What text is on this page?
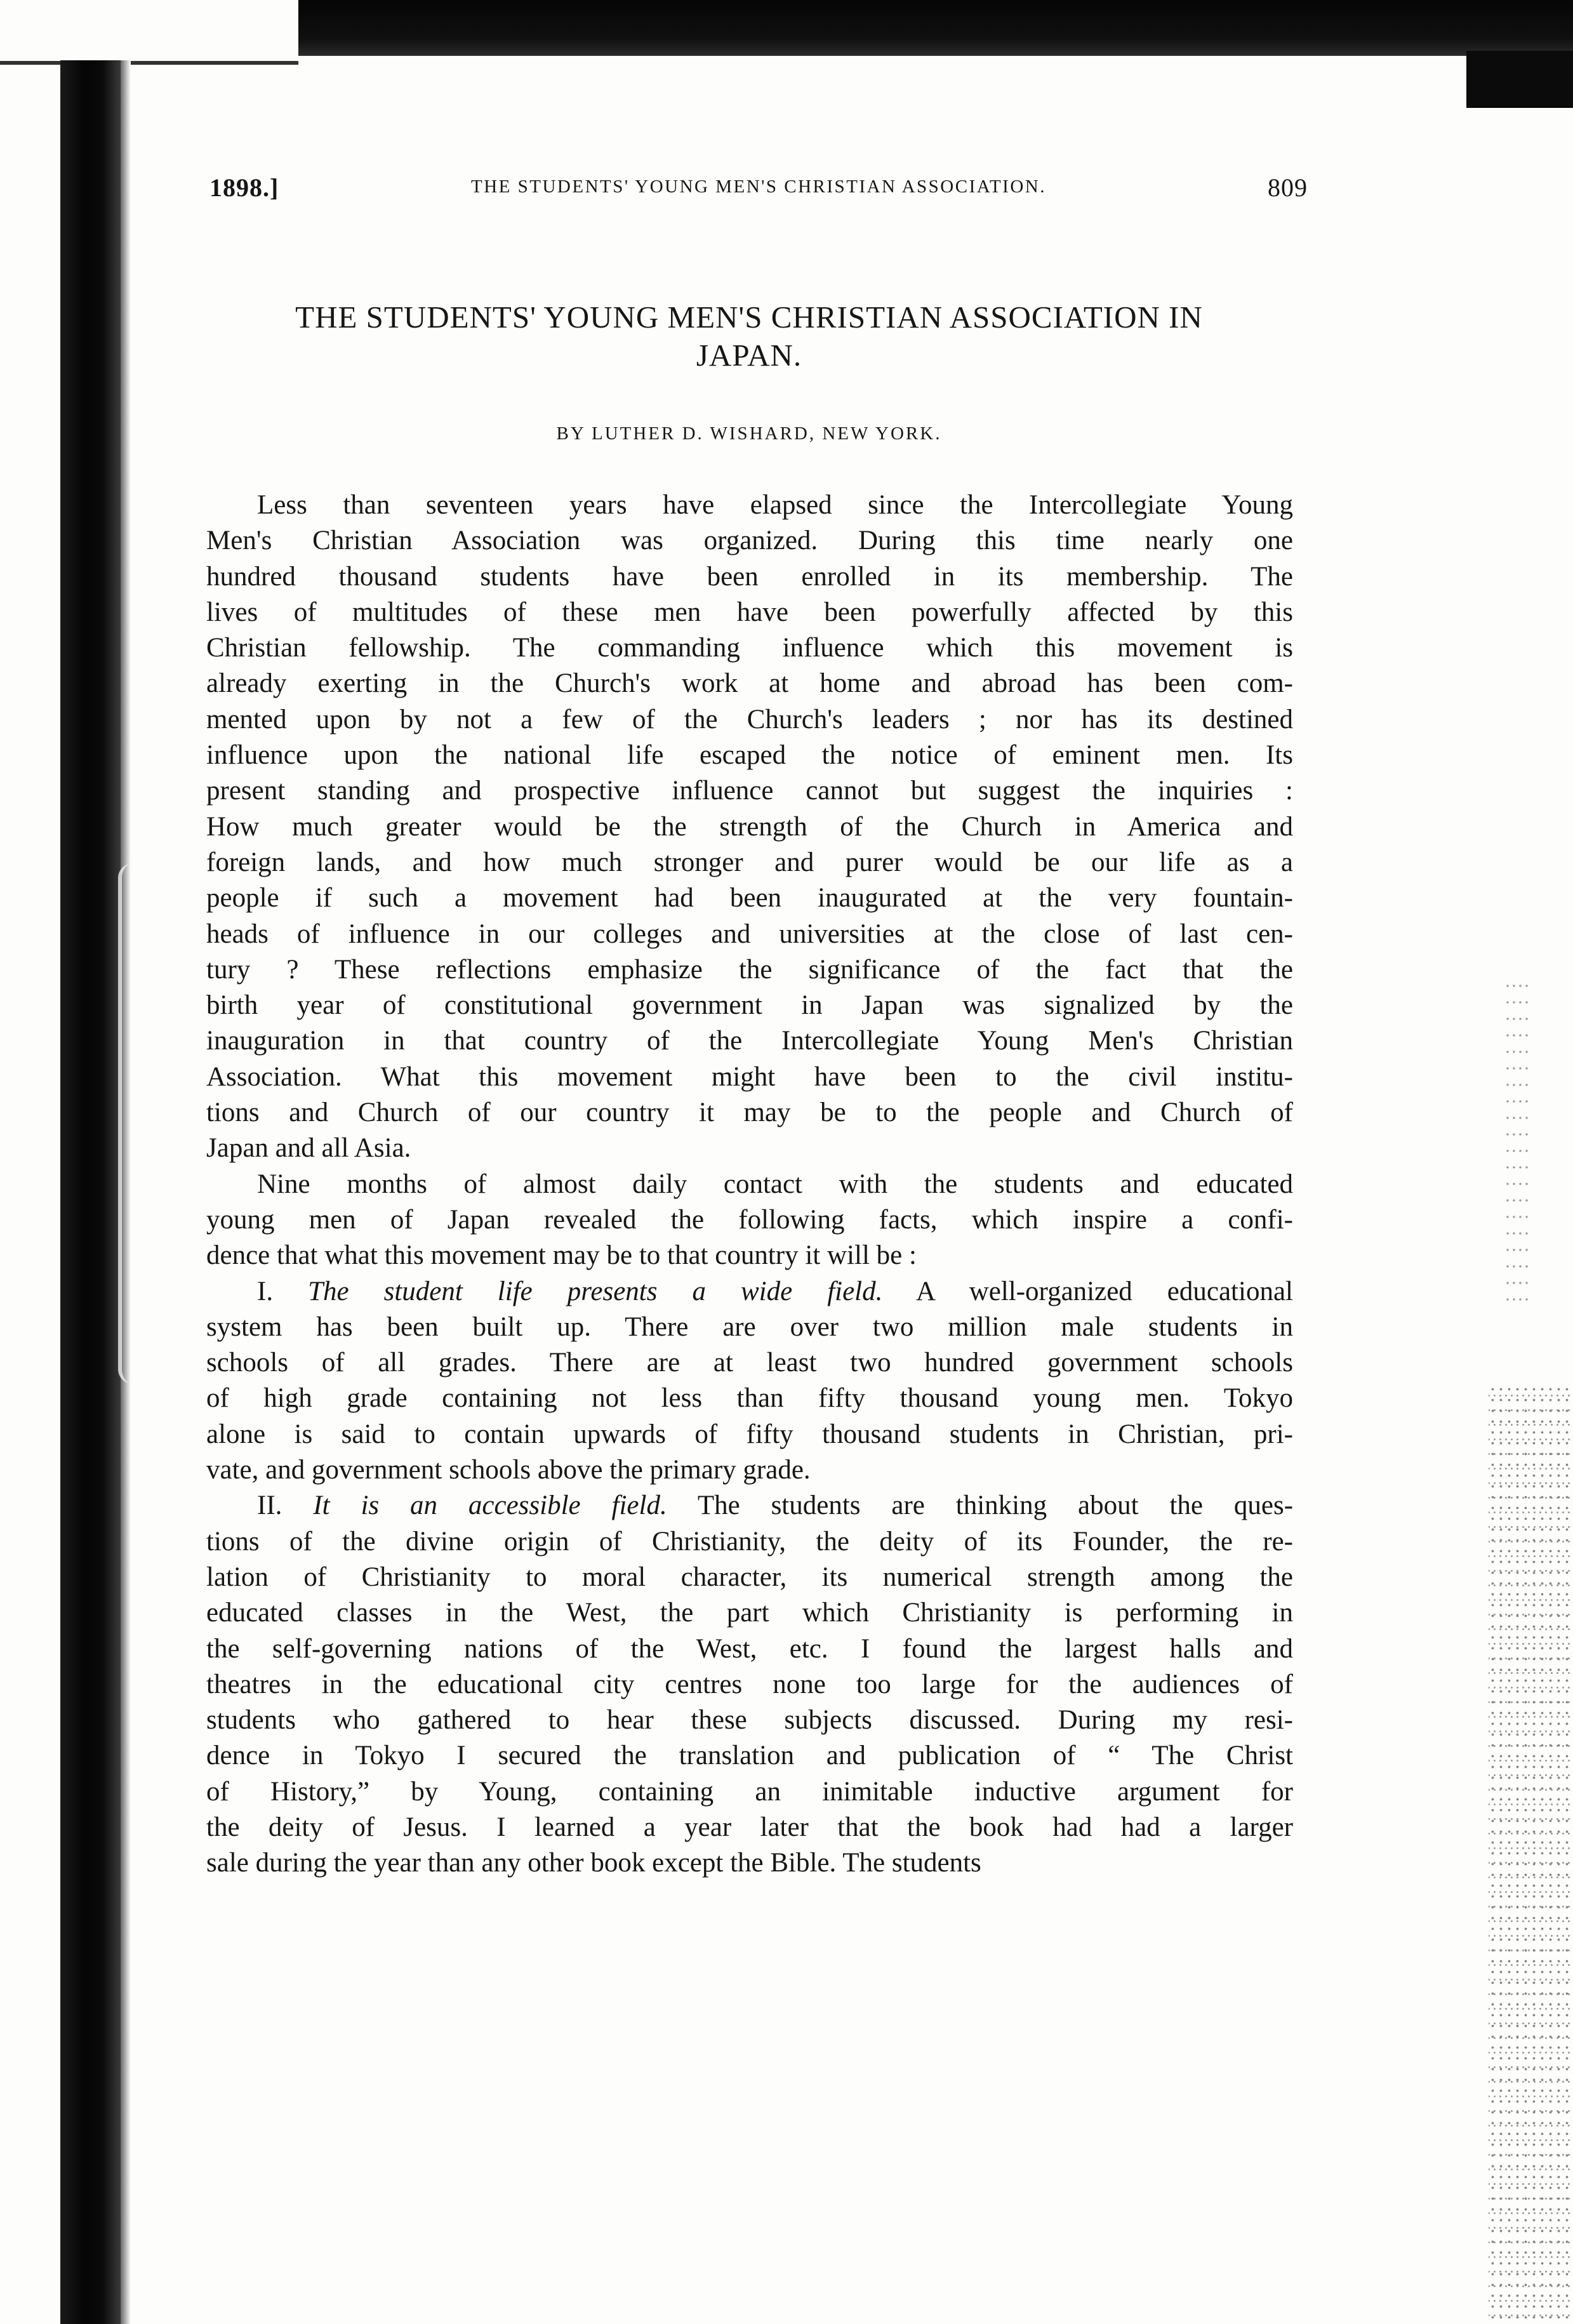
1898.]	THE STUDENTS' YOUNG MEN'S CHRISTIAN ASSOCIATION.	809
THE STUDENTS' YOUNG MEN'S CHRISTIAN ASSOCIATION IN
JAPAN.
BY LUTHER D. WISHARD, NEW YORK.
Less than seventeen years have elapsed since the Intercollegiate Young
Men's Christian Association was organized. During this time nearly one
hundred thousand students have been enrolled in its membership. The
lives of multitudes of these men have been powerfully affected by this
Christian fellowship. The commanding influence which this movement is
already exerting in the Church's work at home and abroad has been com-
mented upon by not a few of the Church's leaders ; nor has its destined
influence upon the national life escaped the notice of eminent men. Its
present standing and prospective influence cannot but suggest the inquiries :
How much greater would be the strength of the Church in America and
foreign lands, and how much stronger and purer would be our life as a
people if such a movement had been inaugurated at the very fountain-
heads of influence in our colleges and universities at the close of last cen-
tury ? These reflections emphasize the significance of the fact that the
birth year of constitutional government in Japan was signalized by the
inauguration in that country of the Intercollegiate Young Men's Christian
Association. What this movement might have been to the civil institu-
tions and Church of our country it may be to the people and Church of
Japan and all Asia.
Nine months of almost daily contact with the students and educated
young men of Japan revealed the following facts, which inspire a confi-
dence that what this movement may be to that country it will be :
I. The student life presents a wide field. A well-organized educational
system has been built up. There are over two million male students in
schools of all grades. There are at least two hundred government schools
of high grade containing not less than fifty thousand young men. Tokyo
alone is said to contain upwards of fifty thousand students in Christian, pri-
vate, and government schools above the primary grade.
II. It is an accessible field. The students are thinking about the ques-
tions of the divine origin of Christianity, the deity of its Founder, the re-
lation of Christianity to moral character, its numerical strength among the
educated classes in the West, the part which Christianity is performing in
the self-governing nations of the West, etc. I found the largest halls and
theatres in the educational city centres none too large for the audiences of
students who gathered to hear these subjects discussed. During my resi-
dence in Tokyo I secured the translation and publication of “ The Christ
of History,” by Young, containing an inimitable inductive argument for
the deity of Jesus. I learned a year later that the book had had a larger
sale during the year than any other book except the Bible. The students
